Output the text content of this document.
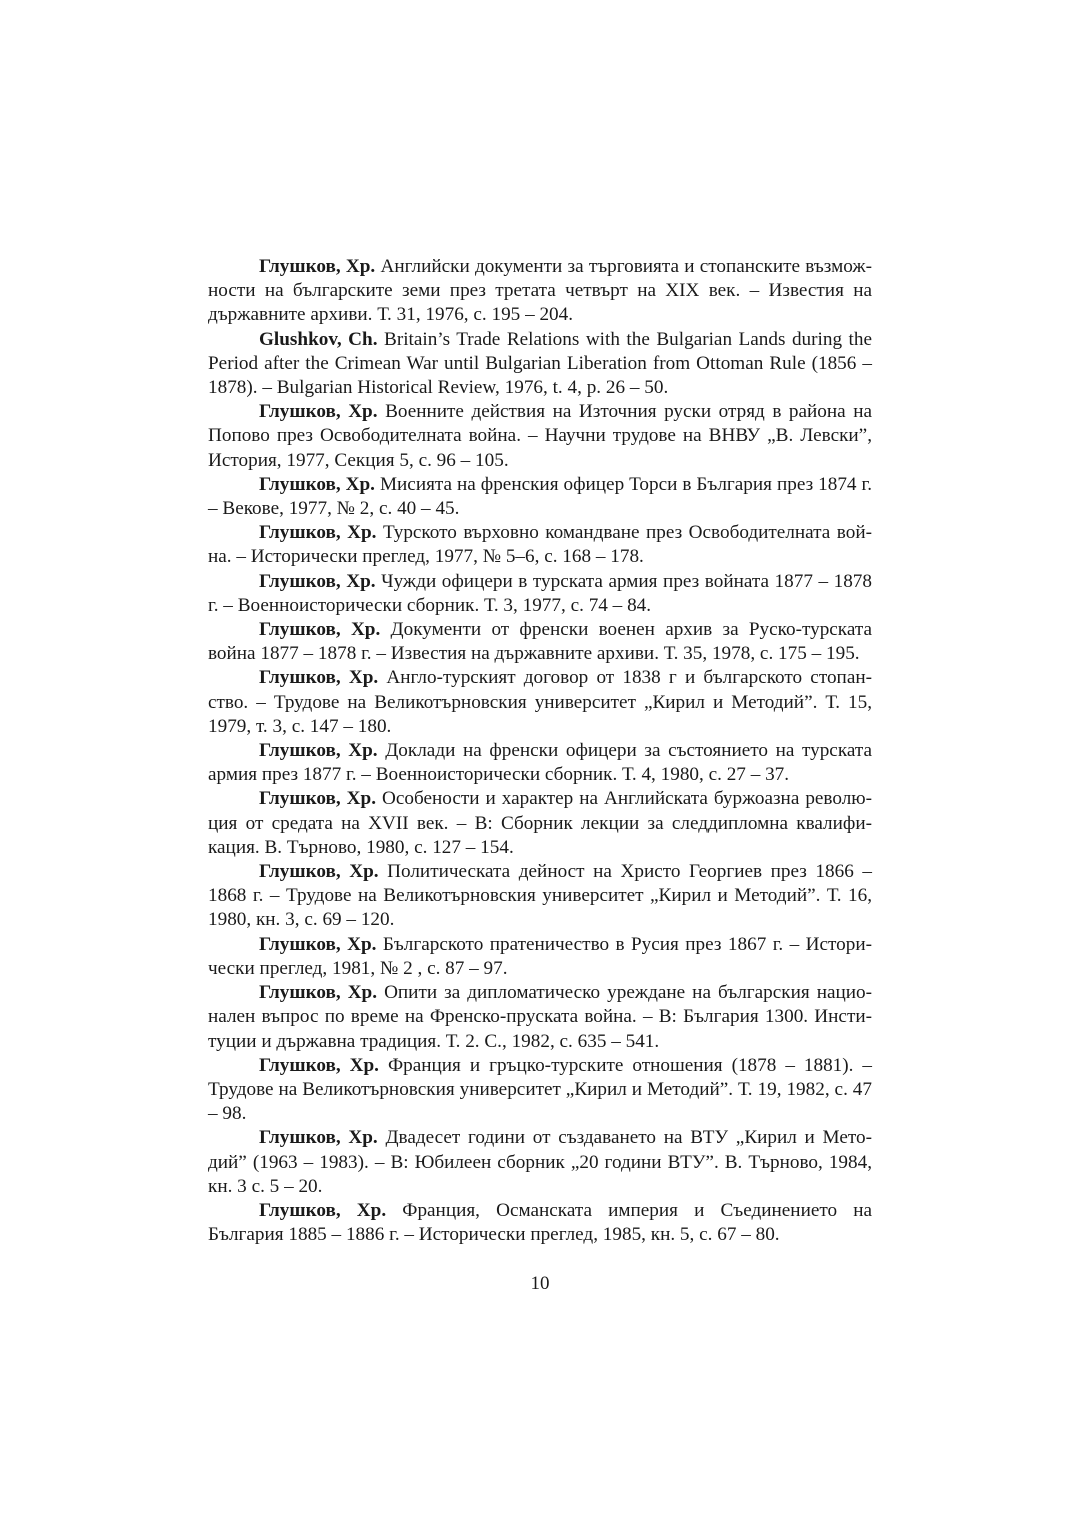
Глушков, Хр. Английски документи за търговията и стопанските възможности на българските земи през третата четвърт на XIX век. – Известия на държавните архиви. Т. 31, 1976, с. 195 – 204.

Glushkov, Ch. Britain’s Trade Relations with the Bulgarian Lands during the Period after the Crimean War until Bulgarian Liberation from Ottoman Rule (1856 – 1878). – Bulgarian Historical Review, 1976, t. 4, p. 26 – 50.

Глушков, Хр. Военните действия на Източния руски отряд в района на Попово през Освободителната война. – Научни трудове на ВНВУ „В. Левски”, История, 1977, Секция 5, с. 96 – 105.

Глушков, Хр. Мисията на френския офицер Торси в България през 1874 г. – Векове, 1977, № 2, с. 40 – 45.

Глушков, Хр. Турското върховно командване през Освободителната война. – Исторически преглед, 1977, № 5–6, с. 168 – 178.

Глушков, Хр. Чужди офицери в турската армия през войната 1877 – 1878 г. – Военноисторически сборник. Т. 3, 1977, с. 74 – 84.

Глушков, Хр. Документи от френски военен архив за Руско-турската война 1877 – 1878 г. – Известия на държавните архиви. Т. 35, 1978, с. 175 – 195.

Глушков, Хр. Англо-турският договор от 1838 г и българското стопанство. – Трудове на Великотърновския университет „Кирил и Методий”. Т. 15, 1979, т. 3, с. 147 – 180.

Глушков, Хр. Доклади на френски офицери за състоянието на турската армия през 1877 г. – Военноисторически сборник. Т. 4, 1980, с. 27 – 37.

Глушков, Хр. Особености и характер на Английската буржоазна революция от средата на XVII век. – В: Сборник лекции за следдипломна квалификация. В. Търново, 1980, с. 127 – 154.

Глушков, Хр. Политическата дейност на Христо Георгиев през 1866 – 1868 г. – Трудове на Великотърновския университет „Кирил и Методий”. Т. 16, 1980, кн. 3, с. 69 – 120.

Глушков, Хр. Българското пратеничество в Русия през 1867 г. – Исторически преглед, 1981, № 2 , с. 87 – 97.

Глушков, Хр. Опити за дипломатическо уреждане на българския национален въпрос по време на Френско-пруската война. – В: България 1300. Институции и държавна традиция. Т. 2. С., 1982, с. 635 – 541.

Глушков, Хр. Франция и гръцко-турските отношения (1878 – 1881). – Трудове на Великотърновския университет „Кирил и Методий”. Т. 19, 1982, с. 47 – 98.

Глушков, Хр. Двадесет години от създаването на ВТУ „Кирил и Методий” (1963 – 1983). – В: Юбилеен сборник „20 години ВТУ”. В. Търново, 1984, кн. 3 с. 5 – 20.

Глушков, Хр. Франция, Османската империя и Съединението на България 1885 – 1886 г. – Исторически преглед, 1985, кн. 5, с. 67 – 80.

10
